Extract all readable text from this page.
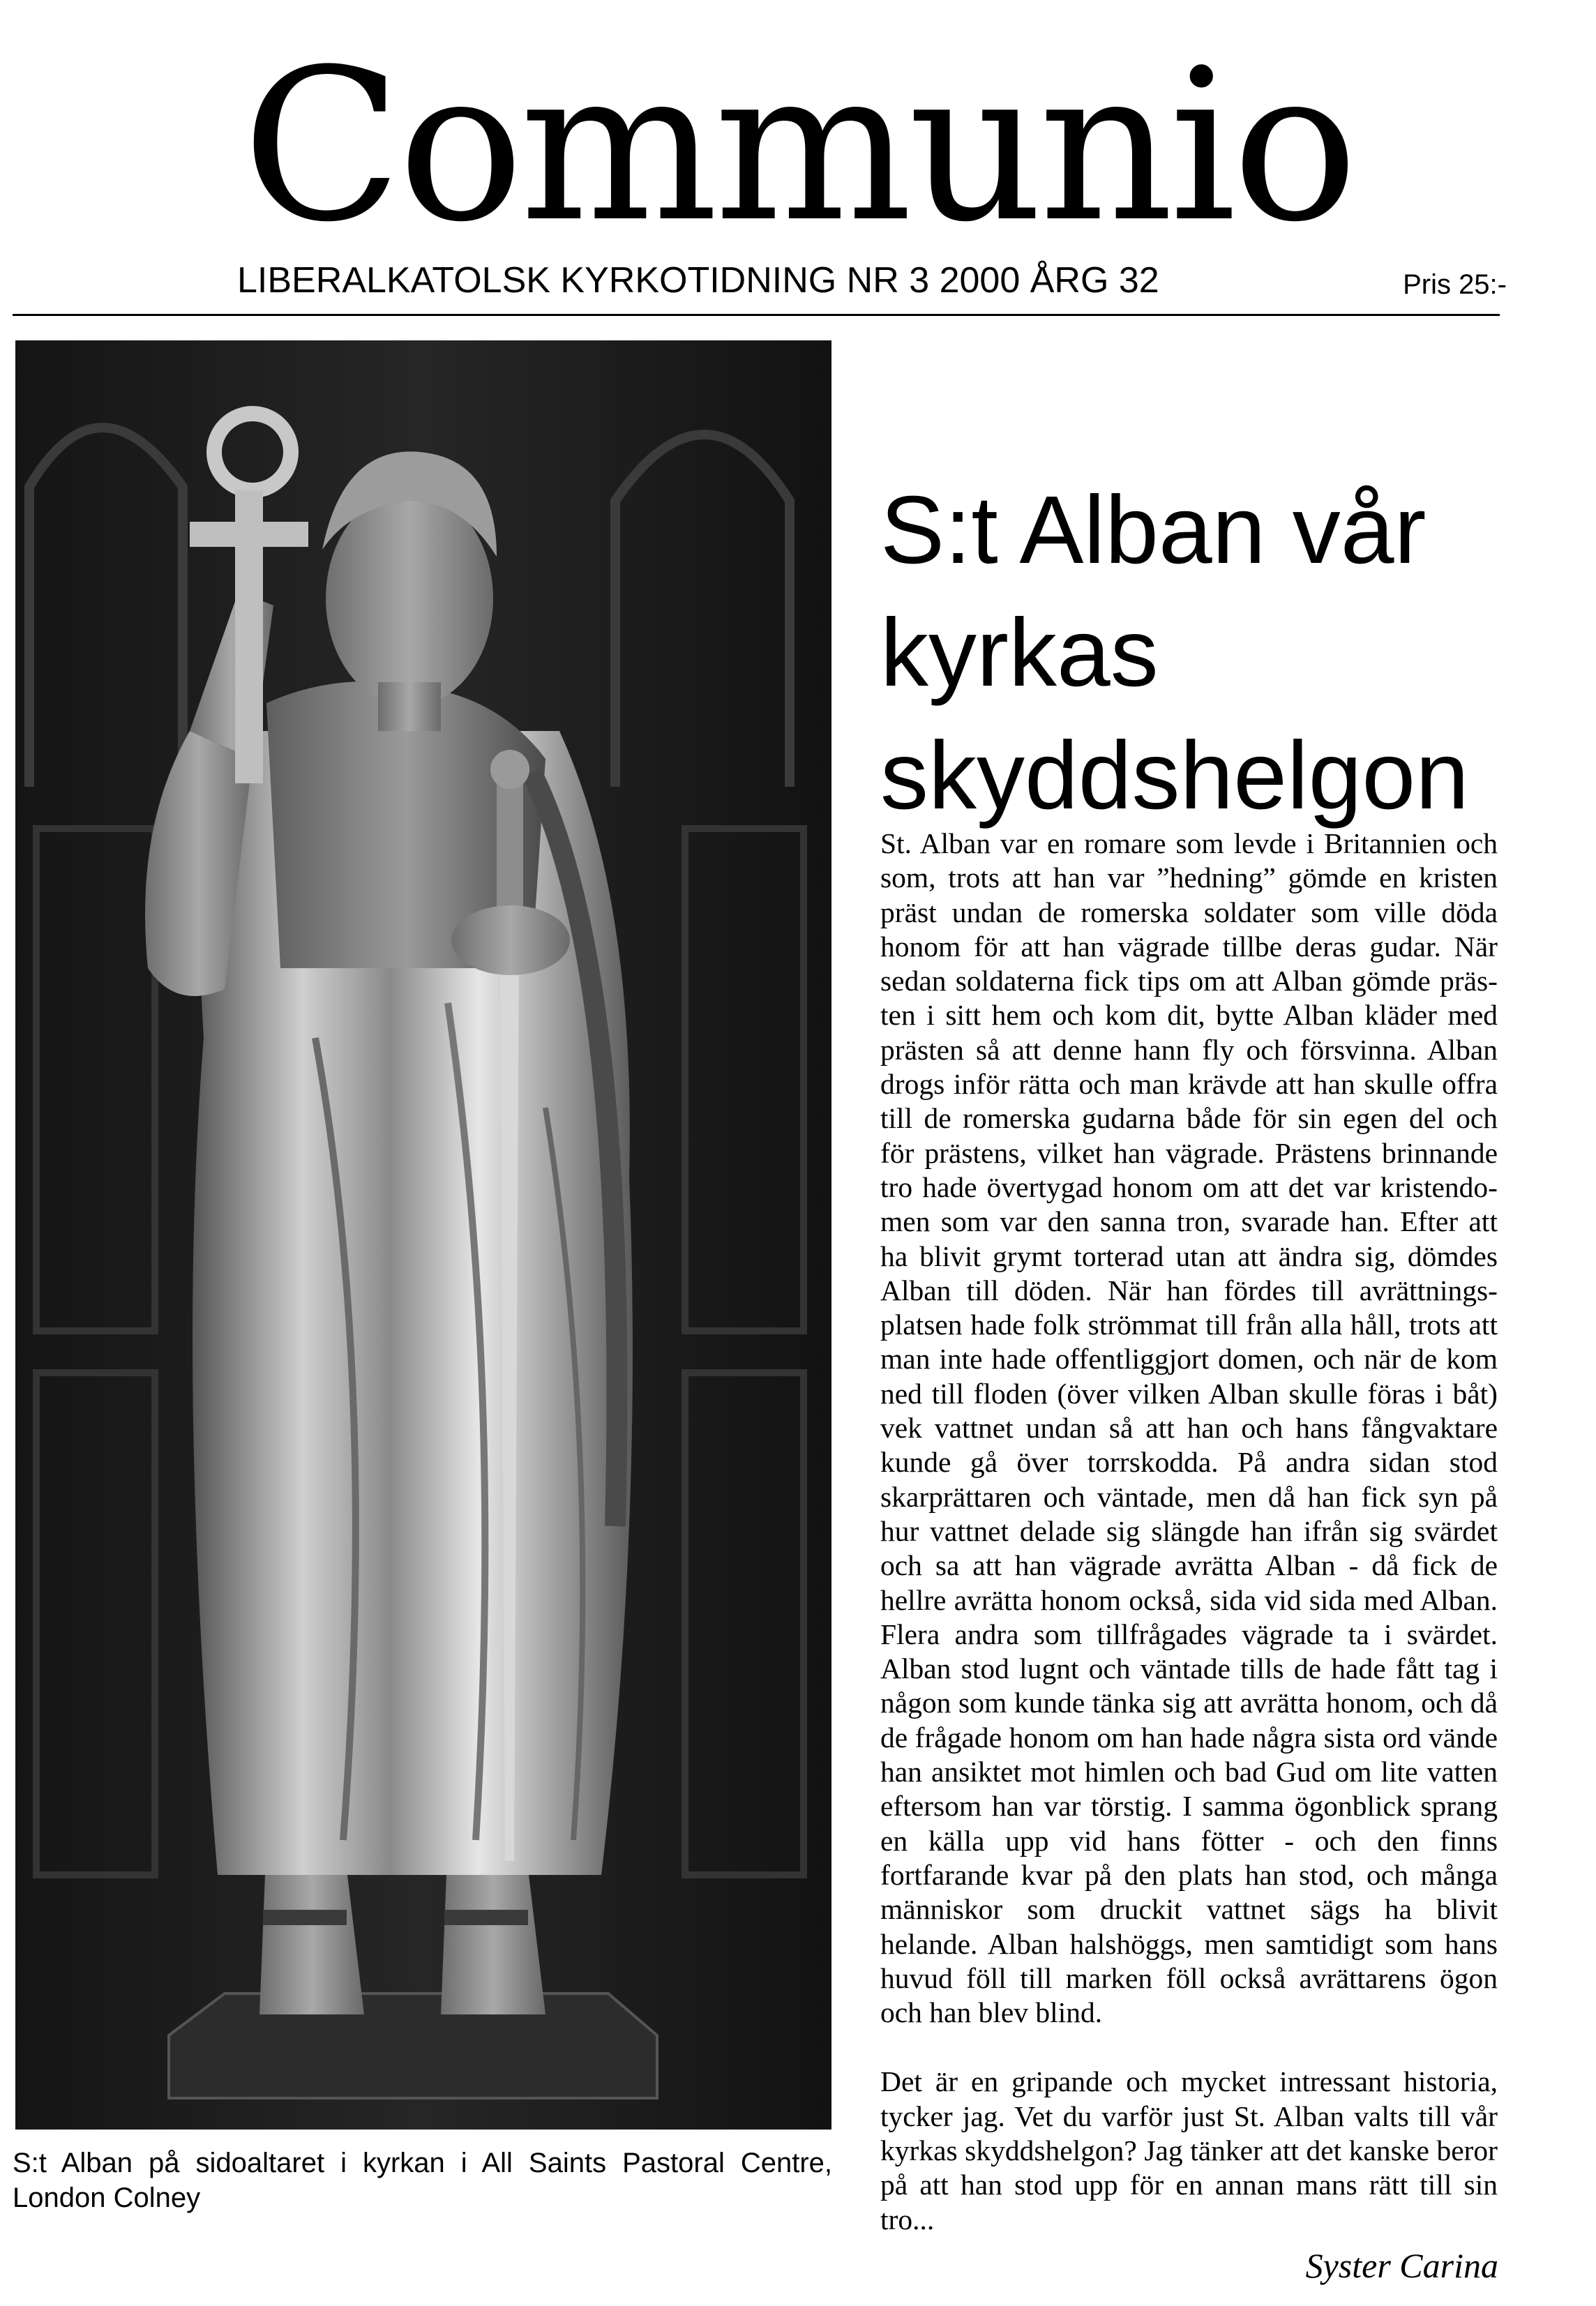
Communio
LIBERALKATOLSK KYRKOTIDNING NR 3 2000 ÅRG 32	Pris 25:-
S:t Alban på sidoaltaret i kyrkan i All Saints Pastoral Centre, London Colney
S:t Alban vår kyrkas skyddshelgon

St. Alban var en romare som levde i Britannien och som, trots att han var ”hedning” gömde en kristen präst undan de romerska soldater som ville döda honom för att han vägrade tillbe deras gudar. När sedan soldaterna fick tips om att Alban gömde prästen i sitt hem och kom dit, bytte Alban kläder med prästen så att denne hann fly och försvinna. Alban drogs inför rätta och man krävde att han skulle offra till de romerska gudarna både för sin egen del och för prästens, vilket han vägrade. Prästens brinnande tro hade övertygad honom om att det var kristendomen som var den sanna tron, svarade han. Efter att ha blivit grymt torterad utan att ändra sig, dömdes Alban till döden. När han fördes till avrättningsplatsen hade folk strömmat till från alla håll, trots att man inte hade offentliggjort domen, och när de kom ned till floden (över vilken Alban skulle föras i båt) vek vattnet undan så att han och hans fångvaktare kunde gå över torrskodda. På andra sidan stod skarprättaren och väntade, men då han fick syn på hur vattnet delade sig slängde han ifrån sig svärdet och sa att han vägrade avrätta Alban - då fick de hellre avrätta honom också, sida vid sida med Alban. Flera andra som tillfrågades vägrade ta i svärdet. Alban stod lugnt och väntade tills de hade fått tag i någon som kunde tänka sig att avrätta honom, och då de frågade honom om han hade några sista ord vände han ansiktet mot himlen och bad Gud om lite vatten eftersom han var törstig. I samma ögonblick sprang en källa upp vid hans fötter - och den finns fortfarande kvar på den plats han stod, och många människor som druckit vattnet sägs ha blivit helande. Alban halshöggs, men samtidigt som hans huvud föll till marken föll också avrättarens ögon och han blev blind.

Det är en gripande och mycket intressant historia, tycker jag. Vet du varför just St. Alban valts till vår kyrkas skyddshelgon? Jag tänker att det kanske beror på att han stod upp för en annan mans rätt till sin tro...

Syster Carina
